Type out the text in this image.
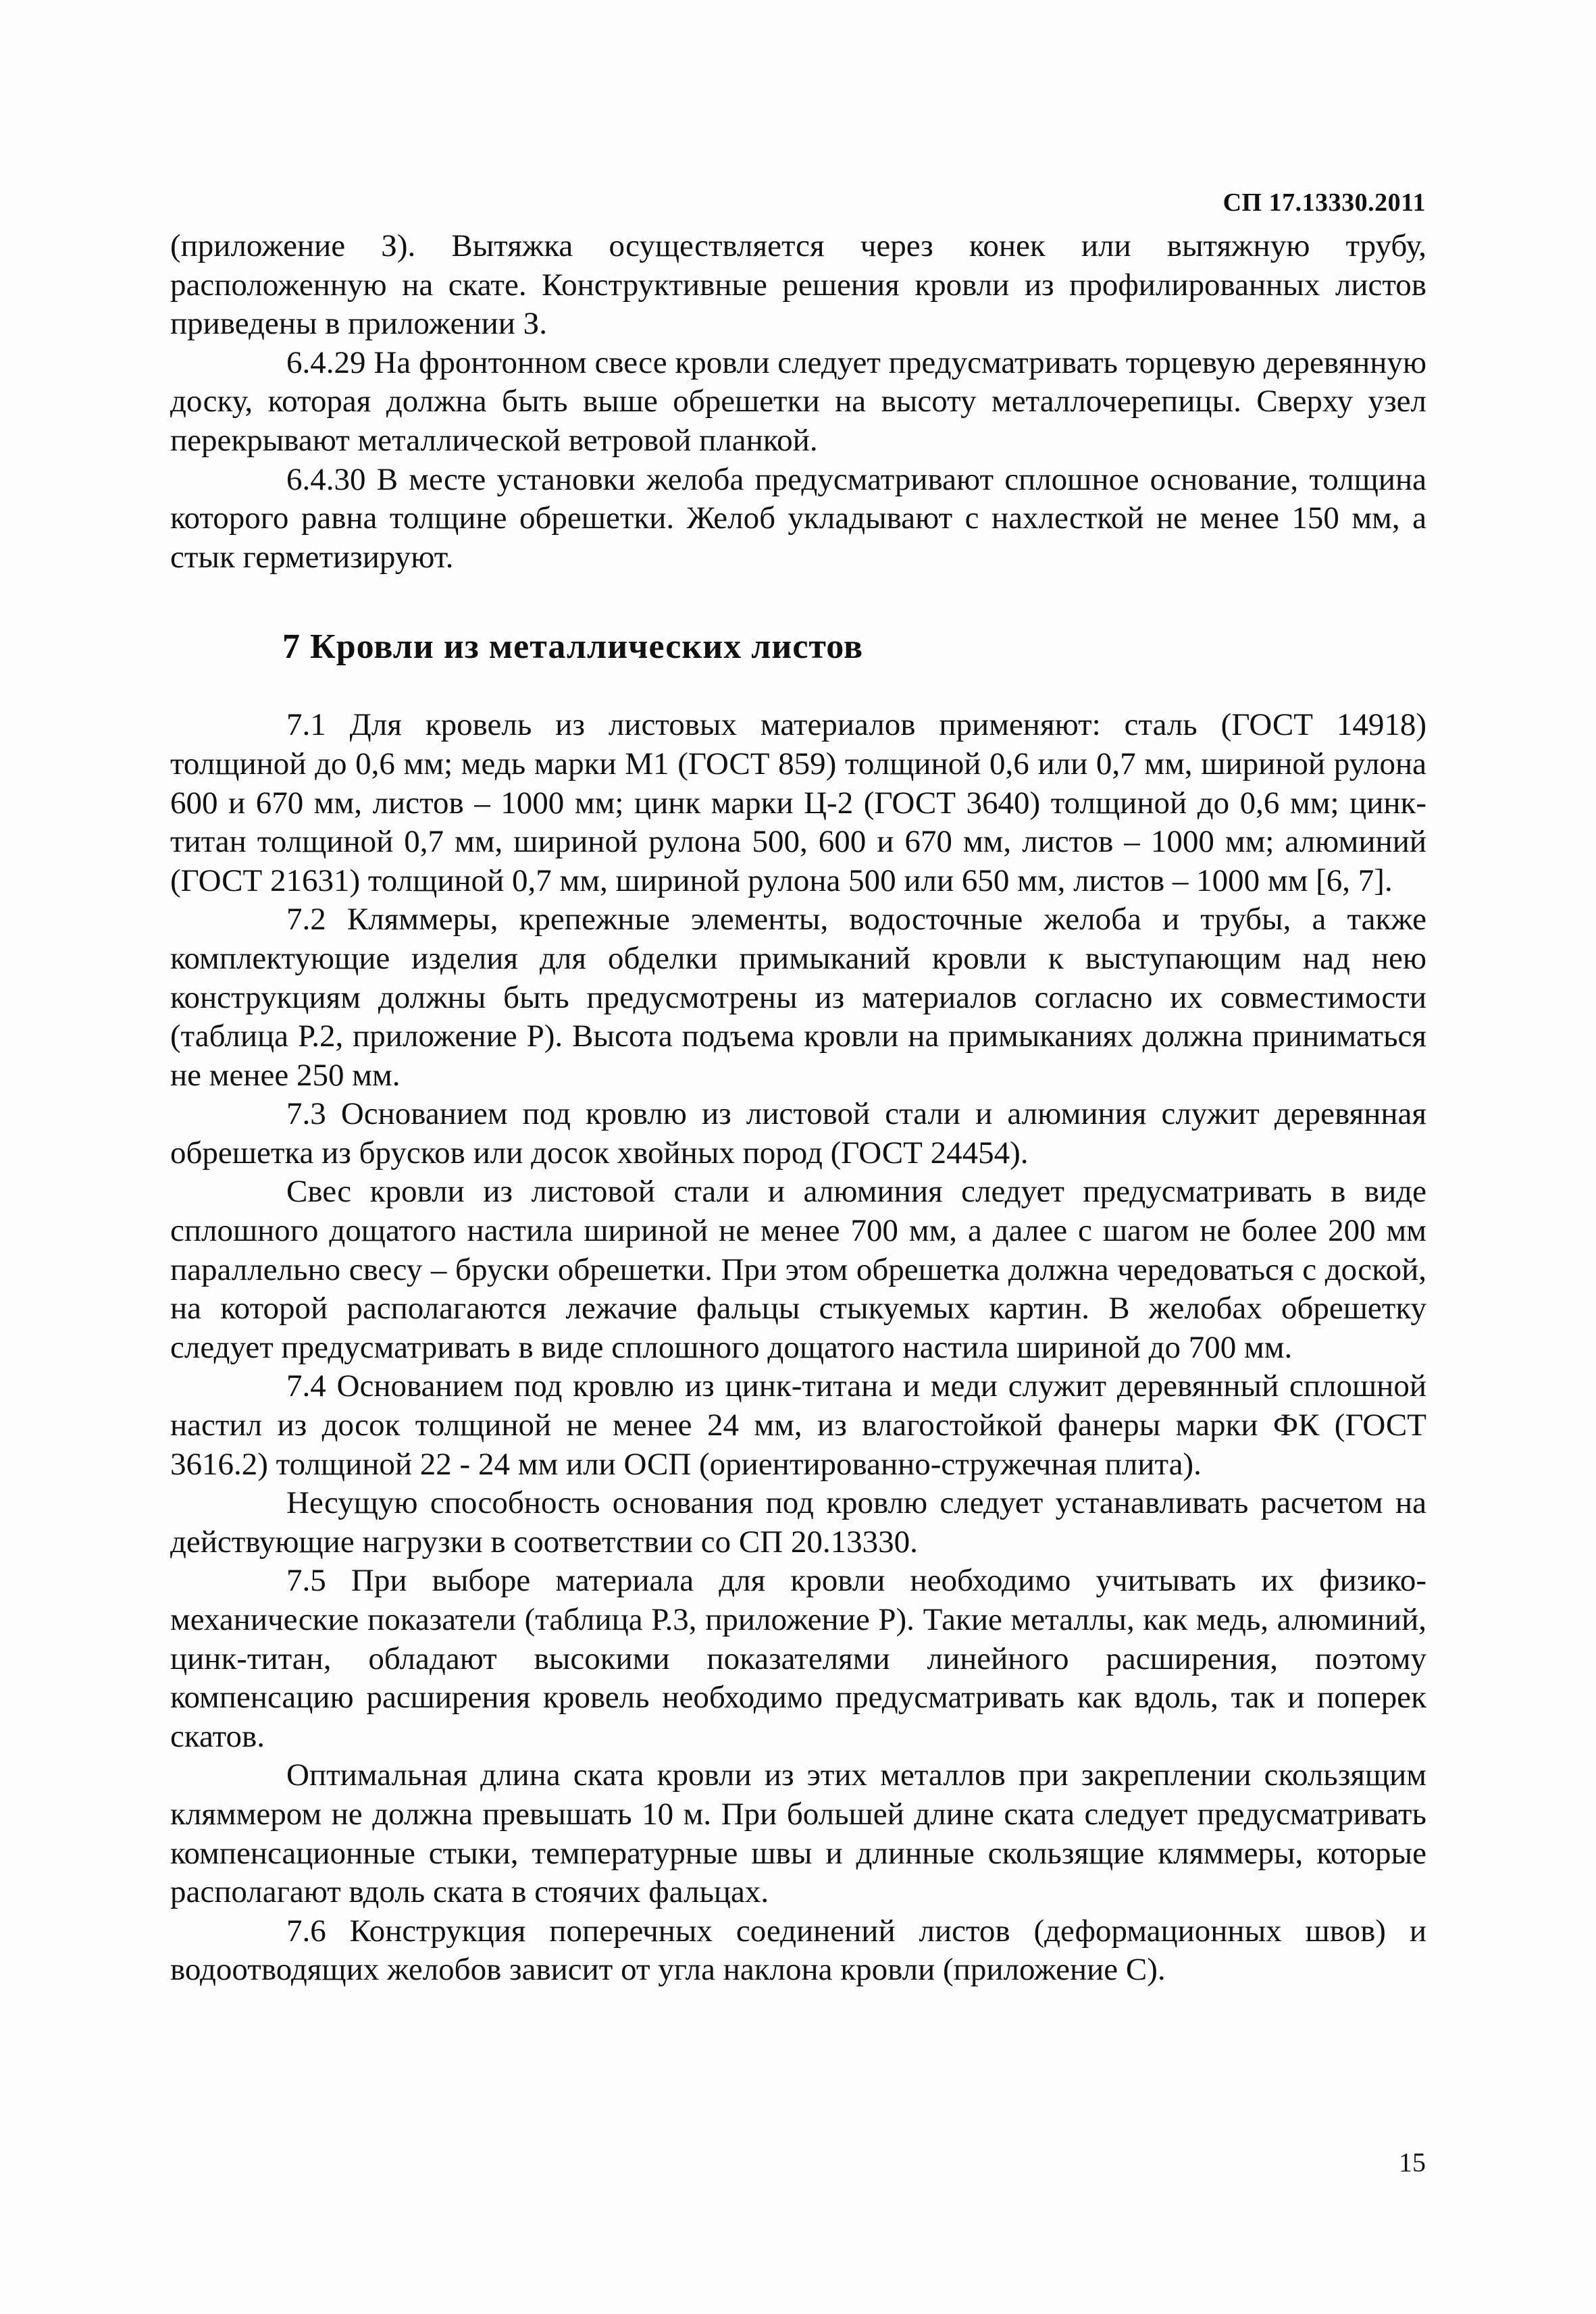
СП 17.13330.2011

(приложение З). Вытяжка осуществляется через конек или вытяжную трубу, расположенную на скате. Конструктивные решения кровли из профилированных листов приведены в приложении З.

6.4.29 На фронтонном свесе кровли следует предусматривать торцевую деревянную доску, которая должна быть выше обрешетки на высоту металлочерепицы. Сверху узел перекрывают металлической ветровой планкой.

6.4.30 В месте установки желоба предусматривают сплошное основание, толщина которого равна толщине обрешетки. Желоб укладывают с нахлесткой не менее 150 мм, а стык герметизируют.

7 Кровли из металлических листов

7.1 Для кровель из листовых материалов применяют: сталь (ГОСТ 14918) толщиной до 0,6 мм; медь марки М1 (ГОСТ 859) толщиной 0,6 или 0,7 мм, шириной рулона 600 и 670 мм, листов – 1000 мм; цинк марки Ц-2 (ГОСТ 3640) толщиной до 0,6 мм; цинк-титан толщиной 0,7 мм, шириной рулона 500, 600 и 670 мм, листов – 1000 мм; алюминий (ГОСТ 21631) толщиной 0,7 мм, шириной рулона 500 или 650 мм, листов – 1000 мм [6, 7].

7.2 Кляммеры, крепежные элементы, водосточные желоба и трубы, а также комплектующие изделия для обделки примыканий кровли к выступающим над нею конструкциям должны быть предусмотрены из материалов согласно их совместимости (таблица Р.2, приложение Р). Высота подъема кровли на примыканиях должна приниматься не менее 250 мм.

7.3 Основанием под кровлю из листовой стали и алюминия служит деревянная обрешетка из брусков или досок хвойных пород (ГОСТ 24454).

Свес кровли из листовой стали и алюминия следует предусматривать в виде сплошного дощатого настила шириной не менее 700 мм, а далее с шагом не более 200 мм параллельно свесу – бруски обрешетки. При этом обрешетка должна чередоваться с доской, на которой располагаются лежачие фальцы стыкуемых картин. В желобах обрешетку следует предусматривать в виде сплошного дощатого настила шириной до 700 мм.

7.4 Основанием под кровлю из цинк-титана и меди служит деревянный сплошной настил из досок толщиной не менее 24 мм, из влагостойкой фанеры марки ФК (ГОСТ 3616.2) толщиной 22 - 24 мм или ОСП (ориентированно-стружечная плита).

Несущую способность основания под кровлю следует устанавливать расчетом на действующие нагрузки в соответствии со СП 20.13330.

7.5 При выборе материала для кровли необходимо учитывать их физико-механические показатели (таблица Р.3, приложение Р). Такие металлы, как медь, алюминий, цинк-титан, обладают высокими показателями линейного расширения, поэтому компенсацию расширения кровель необходимо предусматривать как вдоль, так и поперек скатов.

Оптимальная длина ската кровли из этих металлов при закреплении скользящим кляммером не должна превышать 10 м. При большей длине ската следует предусматривать компенсационные стыки, температурные швы и длинные скользящие кляммеры, которые располагают вдоль ската в стоячих фальцах.

7.6 Конструкция поперечных соединений листов (деформационных швов) и водоотводящих желобов зависит от угла наклона кровли (приложение С).

15
